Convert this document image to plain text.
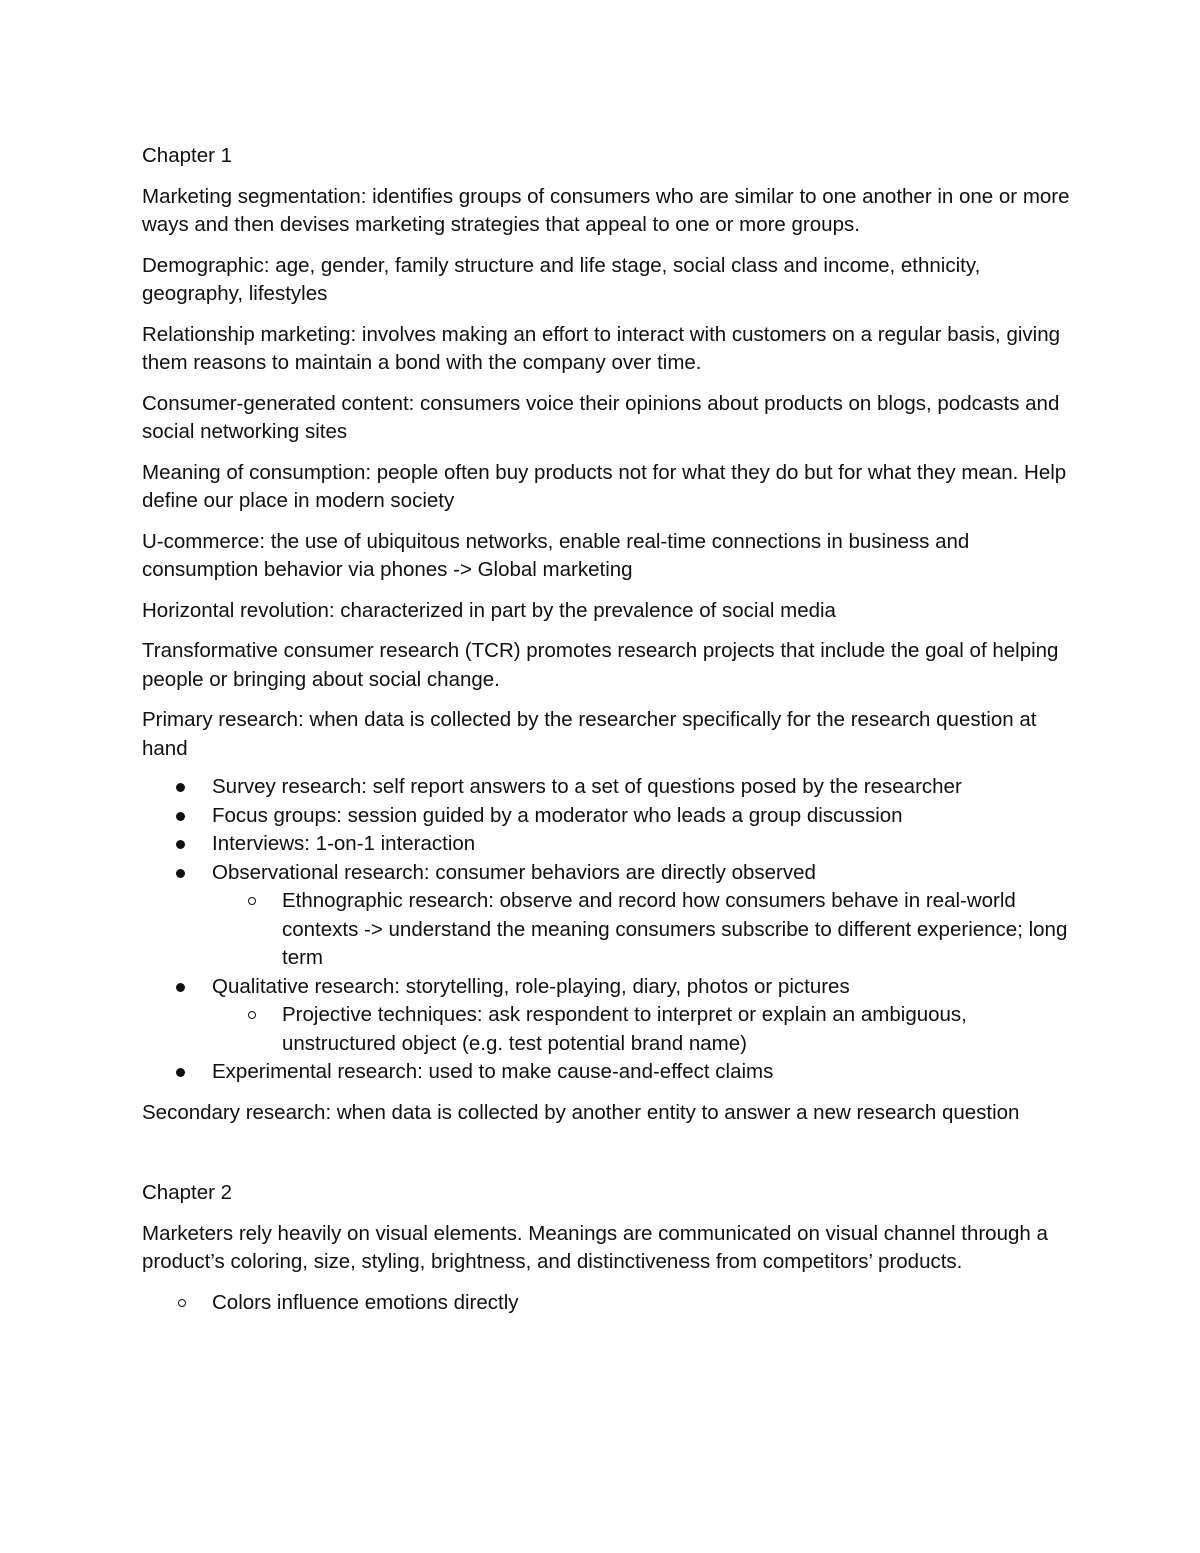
Chapter 1

Marketing segmentation: identifies groups of consumers who are similar to one another in one or more ways and then devises marketing strategies that appeal to one or more groups.

Demographic: age, gender, family structure and life stage, social class and income, ethnicity, geography, lifestyles

Relationship marketing: involves making an effort to interact with customers on a regular basis, giving them reasons to maintain a bond with the company over time.

Consumer-generated content: consumers voice their opinions about products on blogs, podcasts and social networking sites

Meaning of consumption: people often buy products not for what they do but for what they mean. Help define our place in modern society

U-commerce: the use of ubiquitous networks, enable real-time connections in business and consumption behavior via phones -> Global marketing

Horizontal revolution: characterized in part by the prevalence of social media

Transformative consumer research (TCR) promotes research projects that include the goal of helping people or bringing about social change.

Primary research: when data is collected by the researcher specifically for the research question at hand

Survey research: self report answers to a set of questions posed by the researcher
Focus groups: session guided by a moderator who leads a group discussion
Interviews: 1-on-1 interaction
Observational research: consumer behaviors are directly observed
Ethnographic research: observe and record how consumers behave in real-world contexts -> understand the meaning consumers subscribe to different experience; long term
Qualitative research: storytelling, role-playing, diary, photos or pictures
Projective techniques: ask respondent to interpret or explain an ambiguous, unstructured object (e.g. test potential brand name)
Experimental research: used to make cause-and-effect claims

Secondary research: when data is collected by another entity to answer a new research question

Chapter 2

Marketers rely heavily on visual elements. Meanings are communicated on visual channel through a product’s coloring, size, styling, brightness, and distinctiveness from competitors’ products.

Colors influence emotions directly
